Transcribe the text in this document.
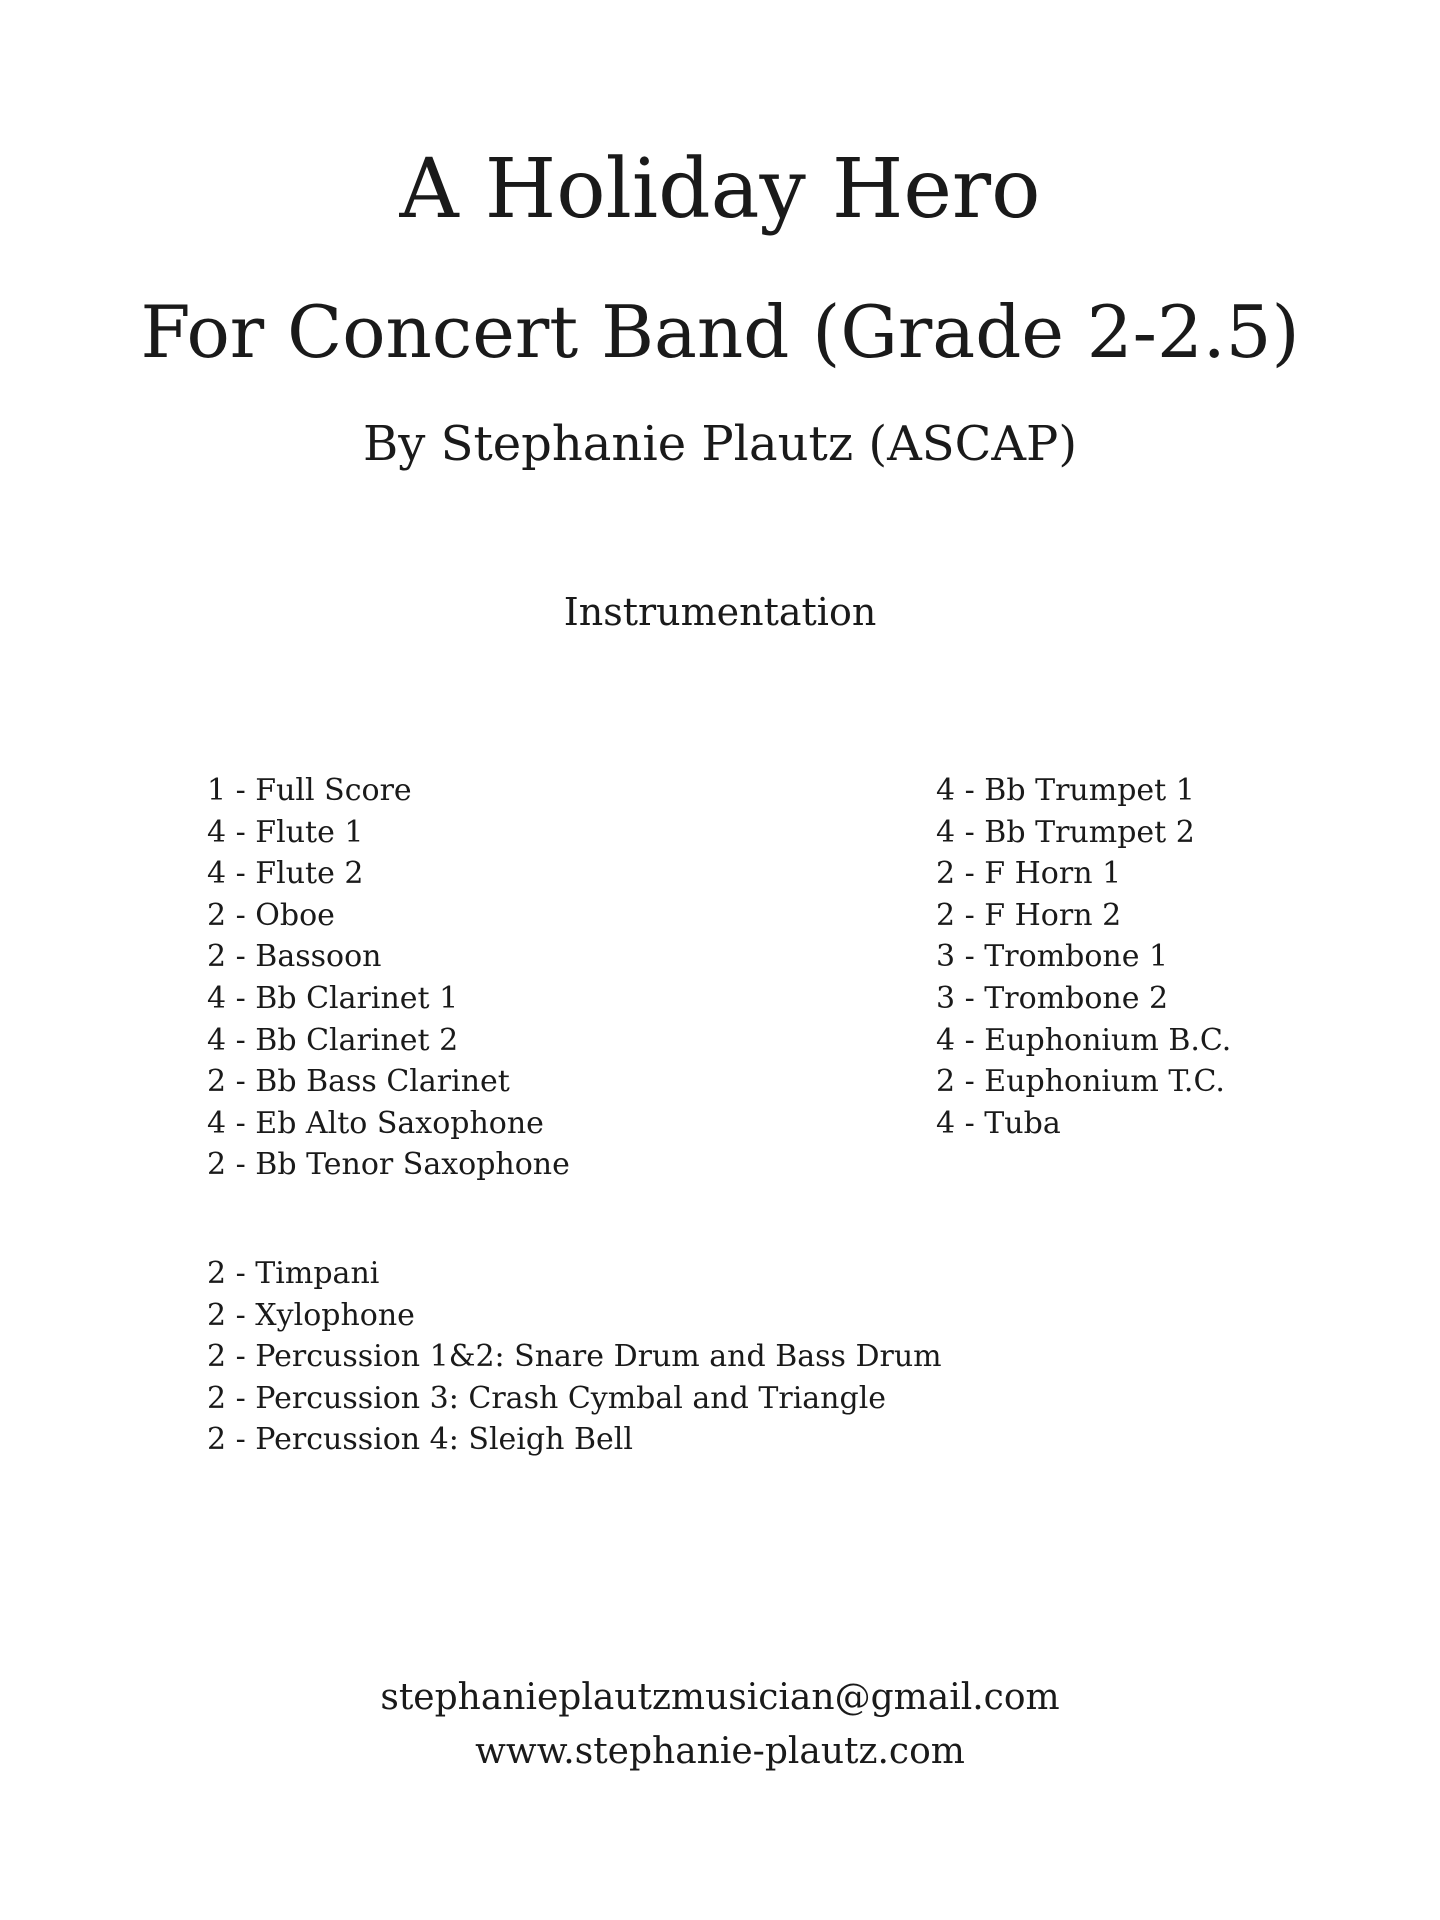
A Holiday Hero
For Concert Band (Grade 2-2.5)
By Stephanie Plautz (ASCAP)
Instrumentation
1 - Full Score
4 - Flute 1
4 - Flute 2
2 - Oboe
2 - Bassoon
4 - Bb Clarinet 1
4 - Bb Clarinet 2
2 - Bb Bass Clarinet
4 - Eb Alto Saxophone
2 - Bb Tenor Saxophone
4 - Bb Trumpet 1
4 - Bb Trumpet 2
2 - F Horn 1
2 - F Horn 2
3 - Trombone 1
3 - Trombone 2
4 - Euphonium B.C.
2 - Euphonium T.C.
4 - Tuba
2 - Timpani
2 - Xylophone
2 - Percussion 1&2: Snare Drum and Bass Drum
2 - Percussion 3: Crash Cymbal and Triangle
2 - Percussion 4: Sleigh Bell
stephanieplautzmusician@gmail.com
www.stephanie-plautz.com
